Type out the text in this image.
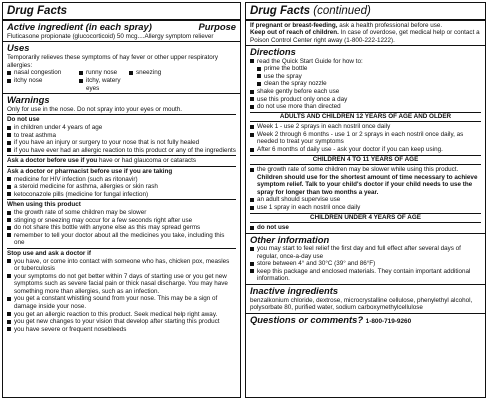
Drug Facts
Active ingredient (in each spray)	Purpose

Fluticasone propionate (glucocorticoid) 50 mcg....Allergy symptom reliever

Uses

Temporarily relieves these symptoms of hay fever or other upper respiratory allergies:

nasal congestion	runny nose	sneezing
itchy nose	itchy, watery eyes
Warnings

Only for use in the nose. Do not spray into your eyes or mouth.

Do not use

in children under 4 years of age
to treat asthma
if you have an injury or surgery to your nose that is not fully healed
if you have ever had an allergic reaction to this product or any of the ingredients

Ask a doctor before use if you have or had glaucoma or cataracts

Ask a doctor or pharmacist before use if you are taking

medicine for HIV infection (such as ritonavir)
a steroid medicine for asthma, allergies or skin rash
ketoconazole pills (medicine for fungal infection)

When using this product

the growth rate of some children may be slower
stinging or sneezing may occur for a few seconds right after use
do not share this bottle with anyone else as this may spread germs
remember to tell your doctor about all the medicines you take, including this one

Stop use and ask a doctor if

you have, or come into contact with someone who has, chicken pox, measles or tuberculosis
your symptoms do not get better within 7 days of starting use or you get new symptoms such as severe facial pain or thick nasal discharge. You may have something more than allergies, such as an infection.
you get a constant whistling sound from your nose. This may be a sign of damage inside your nose.
you get an allergic reaction to this product. Seek medical help right away.
you get new changes to your vision that develop after starting this product
you have severe or frequent nosebleeds
Drug Facts (continued)

If pregnant or breast-feeding, ask a health professional before use.

Keep out of reach of children. In case of overdose, get medical help or contact a Poison Control Center right away (1-800-222-1222).

Directions
read the Quick Start Guide for how to:
prime the bottle
use the spray
clean the spray nozzle
shake gently before each use
use this product only once a day
do not use more than directed
ADULTS AND CHILDREN 12 YEARS OF AGE AND OLDER
Week 1 - use 2 sprays in each nostril once daily
Week 2 through 6 months - use 1 or 2 sprays in each nostril once daily, as needed to treat your symptoms
After 6 months of daily use - ask your doctor if you can keep using.
CHILDREN 4 TO 11 YEARS OF AGE
the growth rate of some children may be slower while using this product. Children should use for the shortest amount of time necessary to achieve symptom relief. Talk to your child's doctor if your child needs to use the spray for longer than two months a year.
an adult should supervise use
use 1 spray in each nostril once daily
CHILDREN UNDER 4 YEARS OF AGE
do not use
Other information
you may start to feel relief the first day and full effect after several days of regular, once-a-day use
store between 4° and 30°C (39° and 86°F)
keep this package and enclosed materials. They contain important additional information.
Inactive ingredients

benzalkonium chloride, dextrose, microcrystalline cellulose, phenylethyl alcohol, polysorbate 80, purified water, sodium carboxymethylcellulose

Questions or comments? 1-800-719-9260
